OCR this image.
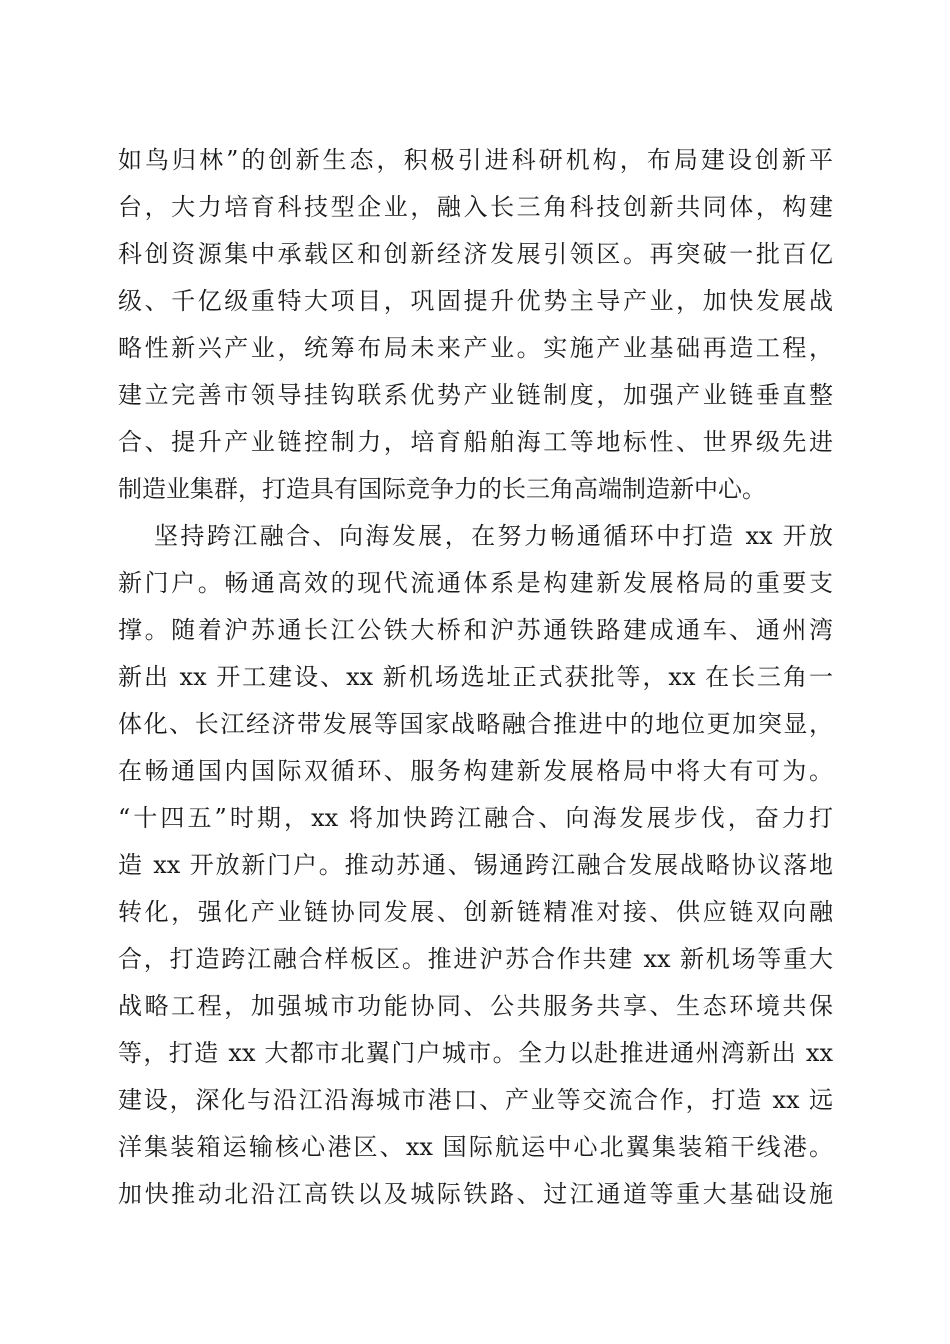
如鸟归林”的创新生态，积极引进科研机构，布局建设创新平
台，大力培育科技型企业，融入长三角科技创新共同体，构建
科创资源集中承载区和创新经济发展引领区。再突破一批百亿
级、千亿级重特大项目，巩固提升优势主导产业，加快发展战
略性新兴产业，统筹布局未来产业。实施产业基础再造工程，
建立完善市领导挂钩联系优势产业链制度，加强产业链垂直整
合、提升产业链控制力，培育船舶海工等地标性、世界级先进
制造业集群，打造具有国际竞争力的长三角高端制造新中心。
坚持跨江融合、向海发展，在努力畅通循环中打造 xx 开放
新门户。畅通高效的现代流通体系是构建新发展格局的重要支
撑。随着沪苏通长江公铁大桥和沪苏通铁路建成通车、通州湾
新出 xx 开工建设、xx 新机场选址正式获批等，xx 在长三角一
体化、长江经济带发展等国家战略融合推进中的地位更加突显，
在畅通国内国际双循环、服务构建新发展格局中将大有可为。
“十四五”时期，xx 将加快跨江融合、向海发展步伐，奋力打
造 xx 开放新门户。推动苏通、锡通跨江融合发展战略协议落地
转化，强化产业链协同发展、创新链精准对接、供应链双向融
合，打造跨江融合样板区。推进沪苏合作共建 xx 新机场等重大
战略工程，加强城市功能协同、公共服务共享、生态环境共保
等，打造 xx 大都市北翼门户城市。全力以赴推进通州湾新出 xx
建设，深化与沿江沿海城市港口、产业等交流合作，打造 xx 远
洋集装箱运输核心港区、xx 国际航运中心北翼集装箱干线港。
加快推动北沿江高铁以及城际铁路、过江通道等重大基础设施
